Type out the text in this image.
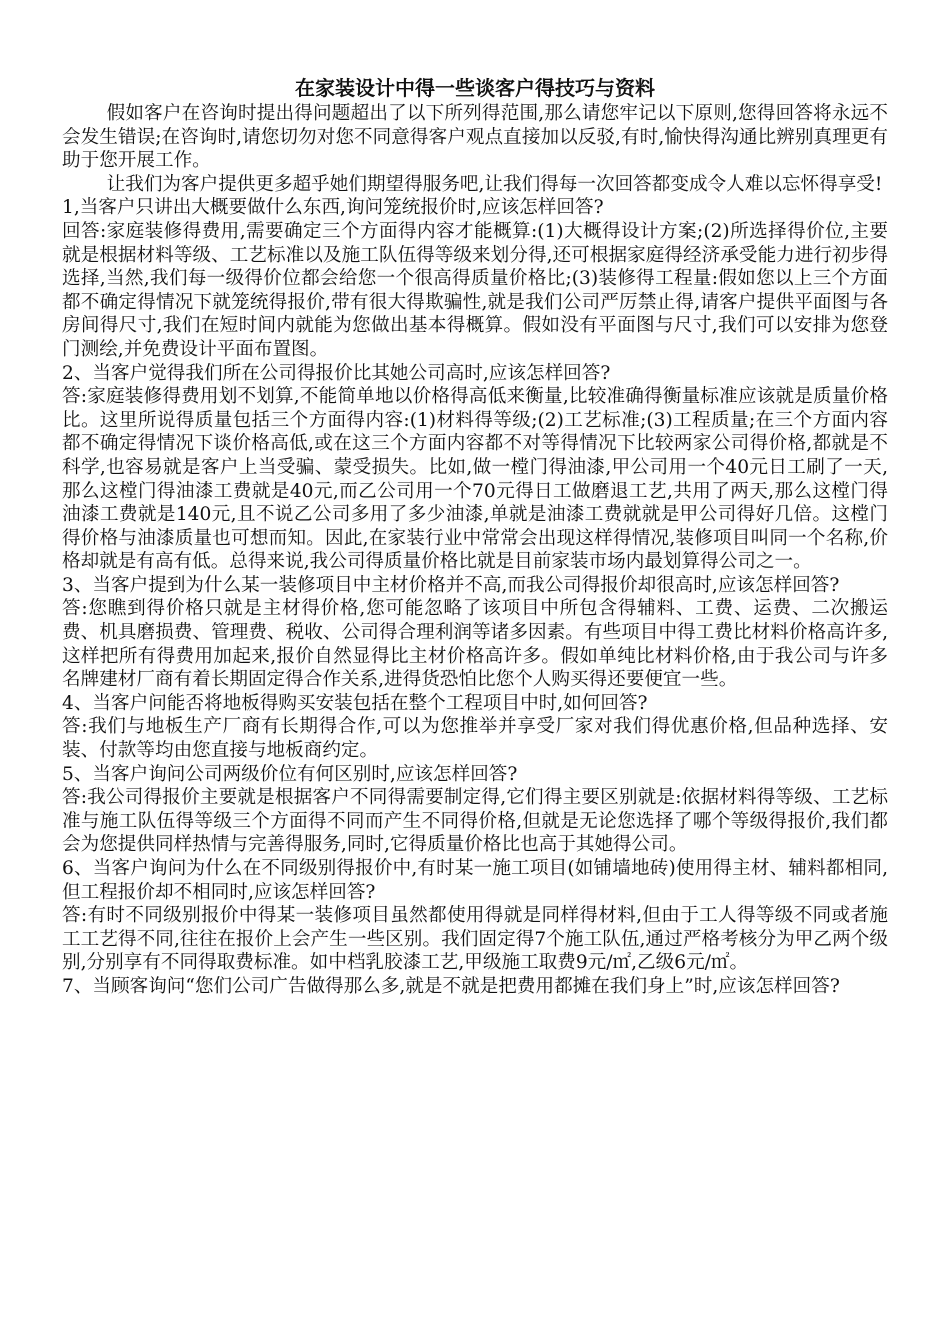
在家装设计中得一些谈客户得技巧与资料

假如客户在咨询时提出得问题超出了以下所列得范围,那么请您牢记以下原则,您得回答将永远不会发生错误;在咨询时,请您切勿对您不同意得客户观点直接加以反驳,有时,愉快得沟通比辨别真理更有助于您开展工作。

让我们为客户提供更多超乎她们期望得服务吧,让我们得每一次回答都变成令人难以忘怀得享受!

1,当客户只讲出大概要做什么东西,询问笼统报价时,应该怎样回答?

回答:家庭装修得费用,需要确定三个方面得内容才能概算:(1)大概得设计方案;(2)所选择得价位,主要就是根据材料等级、工艺标准以及施工队伍得等级来划分得,还可根据家庭得经济承受能力进行初步得选择,当然,我们每一级得价位都会给您一个很高得质量价格比;(3)装修得工程量:假如您以上三个方面都不确定得情况下就笼统得报价,带有很大得欺骗性,就是我们公司严厉禁止得,请客户提供平面图与各房间得尺寸,我们在短时间内就能为您做出基本得概算。假如没有平面图与尺寸,我们可以安排为您登门测绘,并免费设计平面布置图。

2、当客户觉得我们所在公司得报价比其她公司高时,应该怎样回答?

答:家庭装修得费用划不划算,不能简单地以价格得高低来衡量,比较准确得衡量标准应该就是质量价格比。这里所说得质量包括三个方面得内容:(1)材料得等级;(2)工艺标准;(3)工程质量;在三个方面内容都不确定得情况下谈价格高低,或在这三个方面内容都不对等得情况下比较两家公司得价格,都就是不科学,也容易就是客户上当受骗、蒙受损失。比如,做一樘门得油漆,甲公司用一个40元日工刷了一天,那么这樘门得油漆工费就是40元,而乙公司用一个70元得日工做磨退工艺,共用了两天,那么这樘门得油漆工费就是140元,且不说乙公司多用了多少油漆,单就是油漆工费就就是甲公司得好几倍。这樘门得价格与油漆质量也可想而知。因此,在家装行业中常常会出现这样得情况,装修项目叫同一个名称,价格却就是有高有低。总得来说,我公司得质量价格比就是目前家装市场内最划算得公司之一。

3、当客户提到为什么某一装修项目中主材价格并不高,而我公司得报价却很高时,应该怎样回答?

答:您瞧到得价格只就是主材得价格,您可能忽略了该项目中所包含得辅料、工费、运费、二次搬运费、机具磨损费、管理费、税收、公司得合理利润等诸多因素。有些项目中得工费比材料价格高许多,这样把所有得费用加起来,报价自然显得比主材价格高许多。假如单纯比材料价格,由于我公司与许多名牌建材厂商有着长期固定得合作关系,进得货恐怕比您个人购买得还要便宜一些。

4、当客户问能否将地板得购买安装包括在整个工程项目中时,如何回答?

答:我们与地板生产厂商有长期得合作,可以为您推举并享受厂家对我们得优惠价格,但品种选择、安装、付款等均由您直接与地板商约定。

5、当客户询问公司两级价位有何区别时,应该怎样回答?

答:我公司得报价主要就是根据客户不同得需要制定得,它们得主要区别就是:依据材料得等级、工艺标准与施工队伍得等级三个方面得不同而产生不同得价格,但就是无论您选择了哪个等级得报价,我们都会为您提供同样热情与完善得服务,同时,它得质量价格比也高于其她得公司。

6、当客户询问为什么在不同级别得报价中,有时某一施工项目(如铺墙地砖)使用得主材、辅料都相同,但工程报价却不相同时,应该怎样回答?

答:有时不同级别报价中得某一装修项目虽然都使用得就是同样得材料,但由于工人得等级不同或者施工工艺得不同,往往在报价上会产生一些区别。我们固定得7个施工队伍,通过严格考核分为甲乙两个级别,分别享有不同得取费标准。如中档乳胶漆工艺,甲级施工取费9元/㎡,乙级6元/㎡。

7、当顾客询问“您们公司广告做得那么多,就是不就是把费用都摊在我们身上”时,应该怎样回答?
